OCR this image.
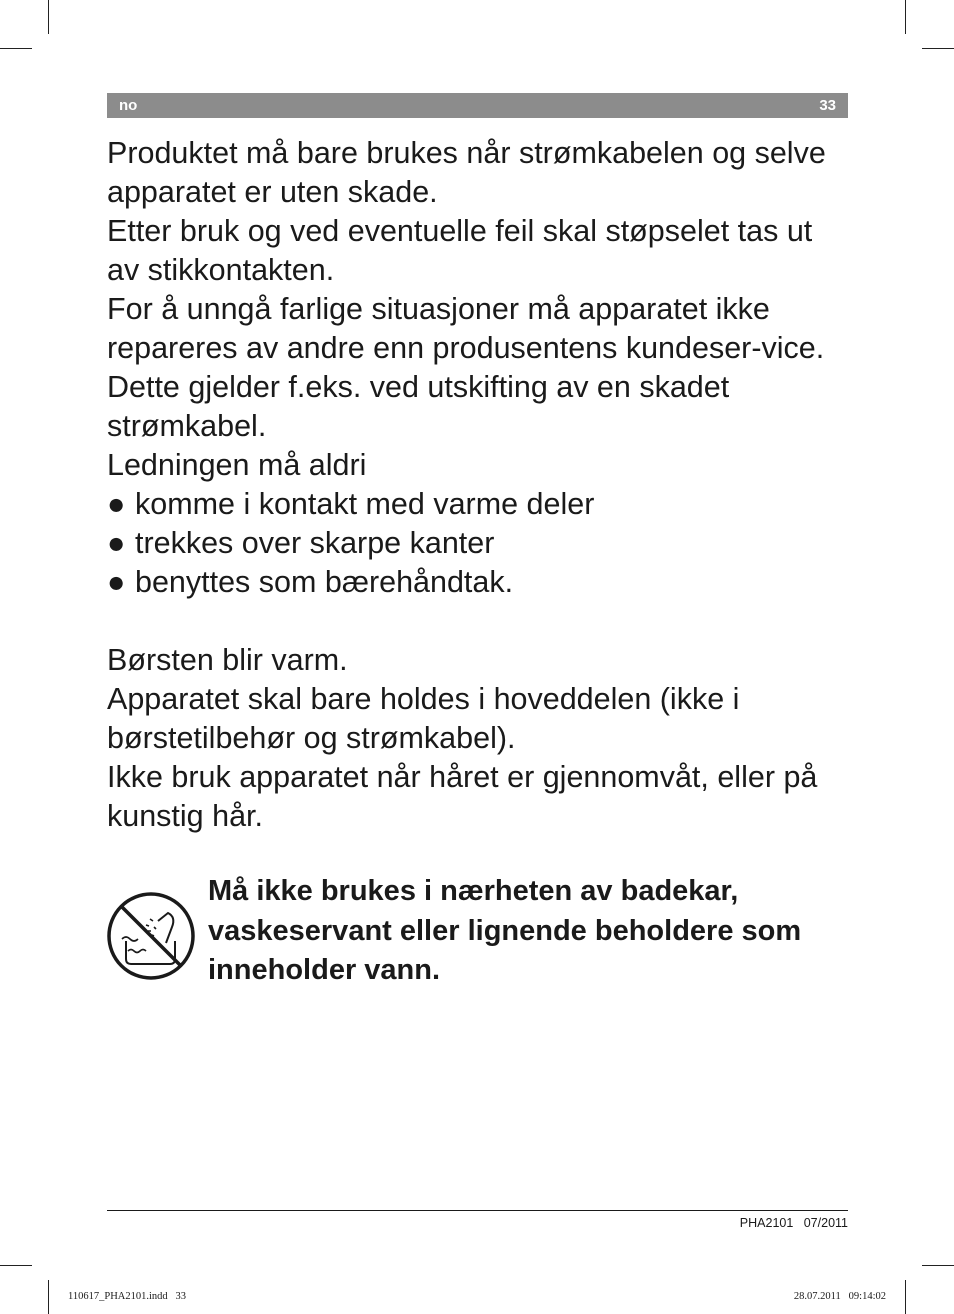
no	33

Produktet må bare brukes når strømkabelen og selve apparatet er uten skade.

Etter bruk og ved eventuelle feil skal støpselet tas ut av stikkontakten.

For å unngå farlige situasjoner må apparatet ikke repareres av andre enn produsentens kundeser-vice. Dette gjelder f.eks. ved utskifting av en skadet strømkabel.

Ledningen må aldri

● komme i kontakt med varme deler
● trekkes over skarpe kanter
● benyttes som bærehåndtak.

Børsten blir varm.

Apparatet skal bare holdes i hoveddelen (ikke i børstetilbehør og strømkabel).

Ikke bruk apparatet når håret er gjennomvåt, eller på kunstig hår.

Må ikke brukes i nærheten av badekar, vaskeservant eller lignende beholdere som inneholder vann.
PHA2101 07/2011
110617_PHA2101.indd   33	28.07.2011   09:14:02
